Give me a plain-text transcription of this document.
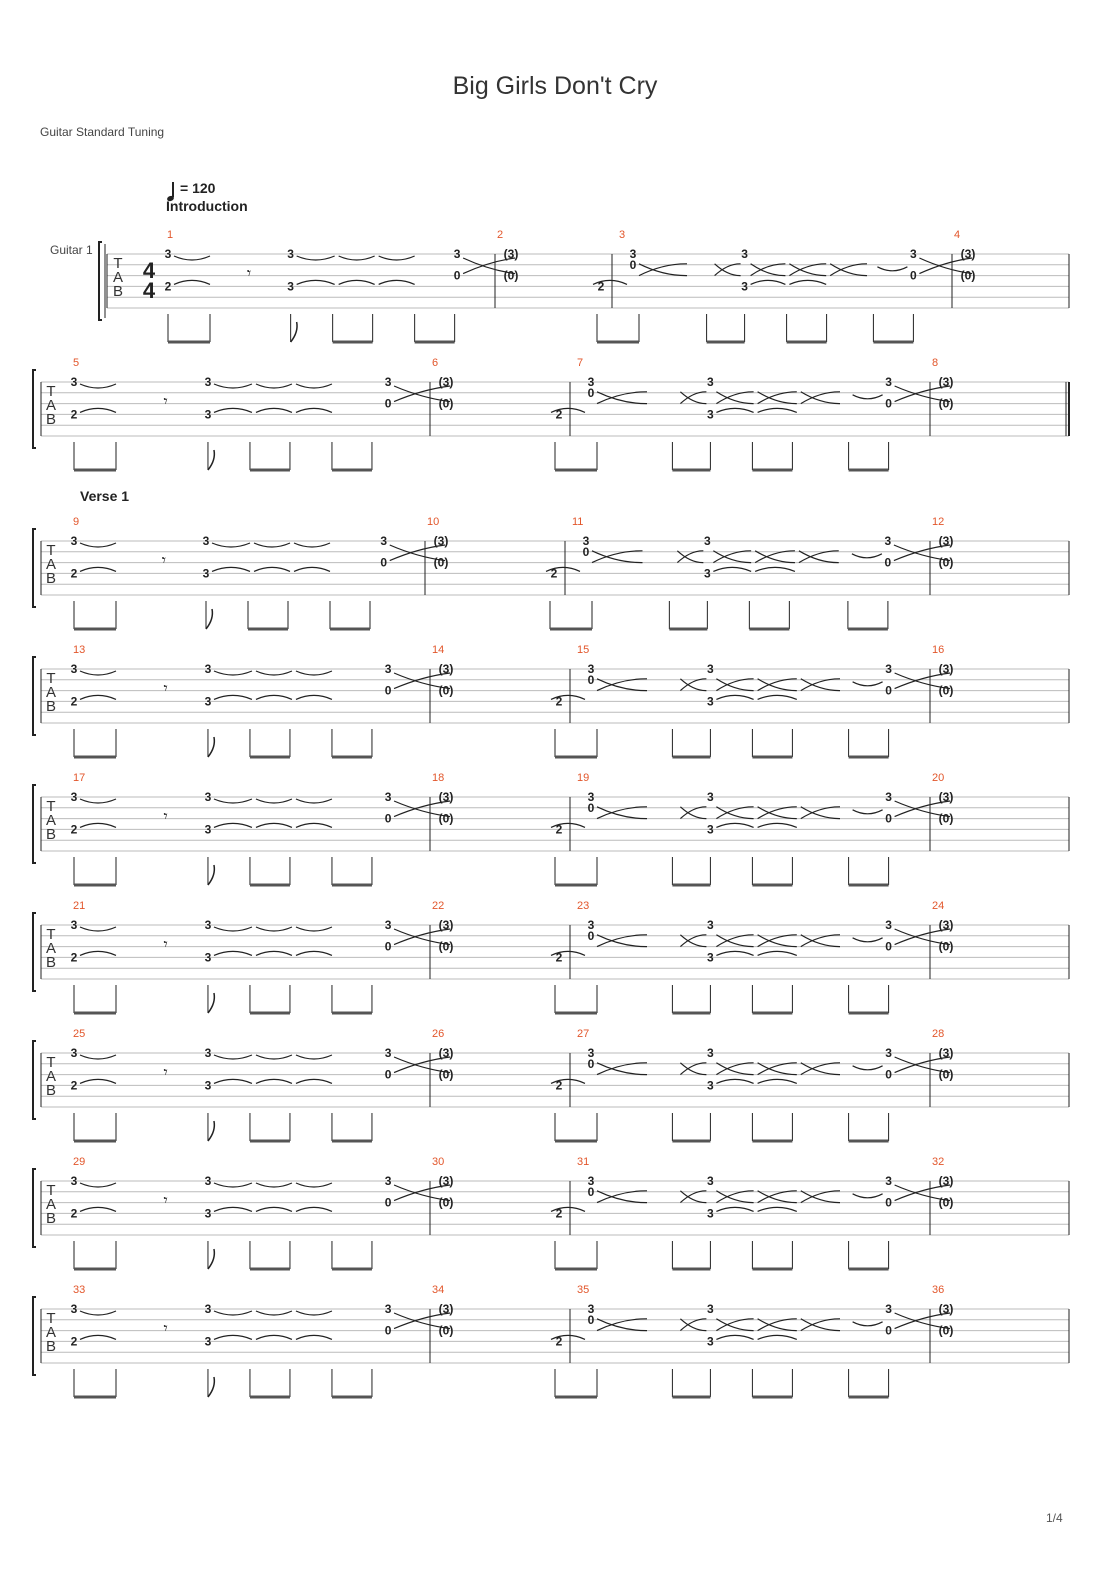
Big Girls Don't Cry
Guitar Standard Tuning
= 120
Introduction
Verse 1
Guitar 1
T
A
B
4
4
1	2	3	4
3
2
𝄾
3
3
3
0
(3)
(0)
3
0
2
3
3
3
0
(3)
(0)
T
A
B
5	6	7	8
3
2
𝄾
3
3
3
0
(3)
(0)
3
0
2
3
3
3
0
(3)
(0)
T
A
B
9	10	11	12
3
2
𝄾
3
3
3
0
(3)
(0)
3
0
2
3
3
3
0
(3)
(0)
T
A
B
13	14	15	16
3
2
𝄾
3
3
3
0
(3)
(0)
3
0
2
3
3
3
0
(3)
(0)
T
A
B
17	18	19	20
3
2
𝄾
3
3
3
0
(3)
(0)
3
0
2
3
3
3
0
(3)
(0)
T
A
B
21	22	23	24
3
2
𝄾
3
3
3
0
(3)
(0)
3
0
2
3
3
3
0
(3)
(0)
T
A
B
25	26	27	28
3
2
𝄾
3
3
3
0
(3)
(0)
3
0
2
3
3
3
0
(3)
(0)
T
A
B
29	30	31	32
3
2
𝄾
3
3
3
0
(3)
(0)
3
0
2
3
3
3
0
(3)
(0)
T
A
B
33	34	35	36
3
2
𝄾
3
3
3
0
(3)
(0)
3
0
2
3
3
3
0
(3)
(0)
1/4
